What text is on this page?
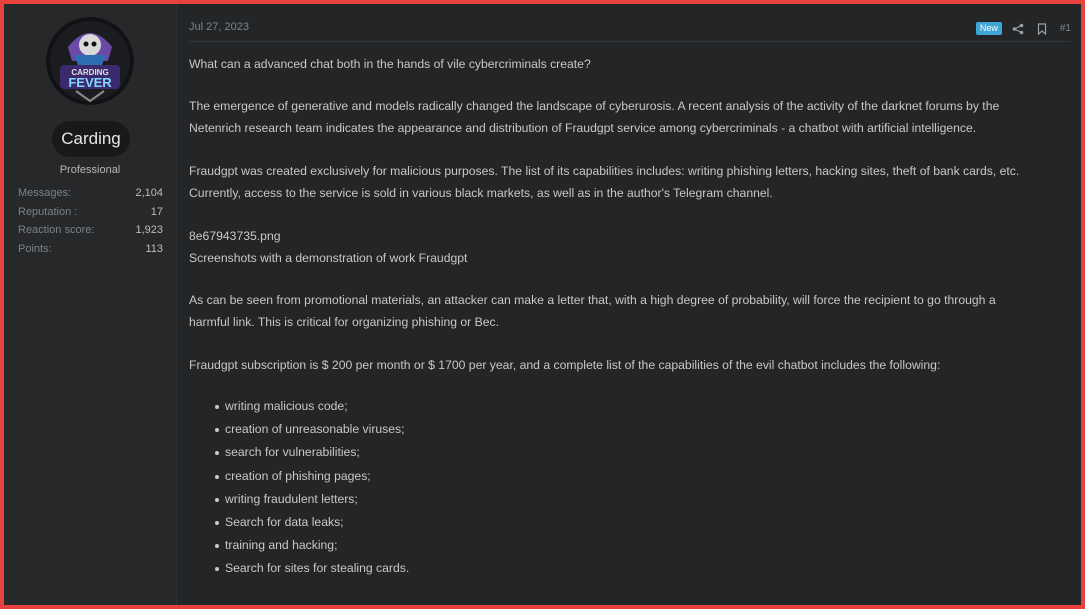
CARDING
FEVER
Carding
Professional
Messages:	2,104
Reputation :	17
Reaction score:	1,923
Points:	113
Jul 27, 2023	New	#1
What can a advanced chat both in the hands of vile cybercriminals create?
The emergence of generative and models radically changed the landscape of cyberurosis. A recent analysis of the activity of the darknet forums by the
Netenrich research team indicates the appearance and distribution of Fraudgpt service among cybercriminals - a chatbot with artificial intelligence.
Fraudgpt was created exclusively for malicious purposes. The list of its capabilities includes: writing phishing letters, hacking sites, theft of bank cards, etc.
Currently, access to the service is sold in various black markets, as well as in the author's Telegram channel.
8e67943735.png
Screenshots with a demonstration of work Fraudgpt
As can be seen from promotional materials, an attacker can make a letter that, with a high degree of probability, will force the recipient to go through a
harmful link. This is critical for organizing phishing or Bec.
Fraudgpt subscription is $ 200 per month or $ 1700 per year, and a complete list of the capabilities of the evil chatbot includes the following:
writing malicious code;
creation of unreasonable viruses;
search for vulnerabilities;
creation of phishing pages;
writing fraudulent letters;
Search for data leaks;
training and hacking;
Search for sites for stealing cards.
